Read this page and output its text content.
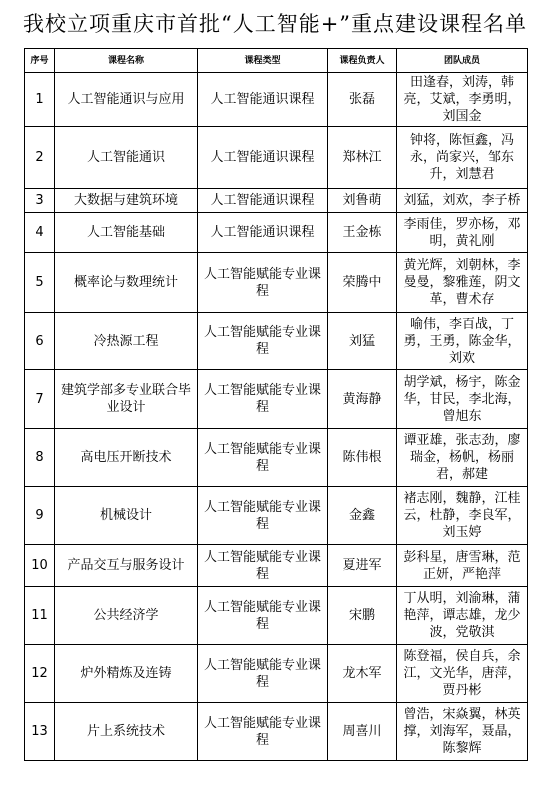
我校立项重庆市首批“人工智能+”重点建设课程名单
序号	课程名称	课程类型	课程负责人	团队成员
1	人工智能通识与应用	人工智能通识课程	张磊	田逢春，刘涛，韩亮，艾斌，李勇明，刘国金
2	人工智能通识	人工智能通识课程	郑林江	钟将，陈恒鑫，冯永，尚家兴，邹东升，刘慧君
3	大数据与建筑环境	人工智能通识课程	刘鲁萌	刘猛，刘欢，李子桥
4	人工智能基础	人工智能通识课程	王金栋	李雨佳，罗亦杨，邓明，黄礼刚
5	概率论与数理统计	人工智能赋能专业课程	荣腾中	黄光辉，刘朝林，李曼曼，黎雅莲，阴文革，曹术存
6	冷热源工程	人工智能赋能专业课程	刘猛	喻伟，李百战，丁勇，王勇，陈金华，刘欢
7	建筑学部多专业联合毕业设计	人工智能赋能专业课程	黄海静	胡学斌，杨宇，陈金华，甘民，李北海，曾旭东
8	高电压开断技术	人工智能赋能专业课程	陈伟根	谭亚雄，张志劲，廖瑞金，杨帆，杨丽君，郝建
9	机械设计	人工智能赋能专业课程	金鑫	褚志刚，魏静，江桂云，杜静，李良军，刘玉婷
10	产品交互与服务设计	人工智能赋能专业课程	夏进军	彭科星，唐雪琳，范正妍，严艳萍
11	公共经济学	人工智能赋能专业课程	宋鹏	丁从明，刘渝琳，蒲艳萍，谭志雄，龙少波，党敬淇
12	炉外精炼及连铸	人工智能赋能专业课程	龙木军	陈登福，侯自兵，余江，文光华，唐萍，贾丹彬
13	片上系统技术	人工智能赋能专业课程	周喜川	曾浩，宋焱翼，林英撑，刘海军，聂晶，陈黎辉
